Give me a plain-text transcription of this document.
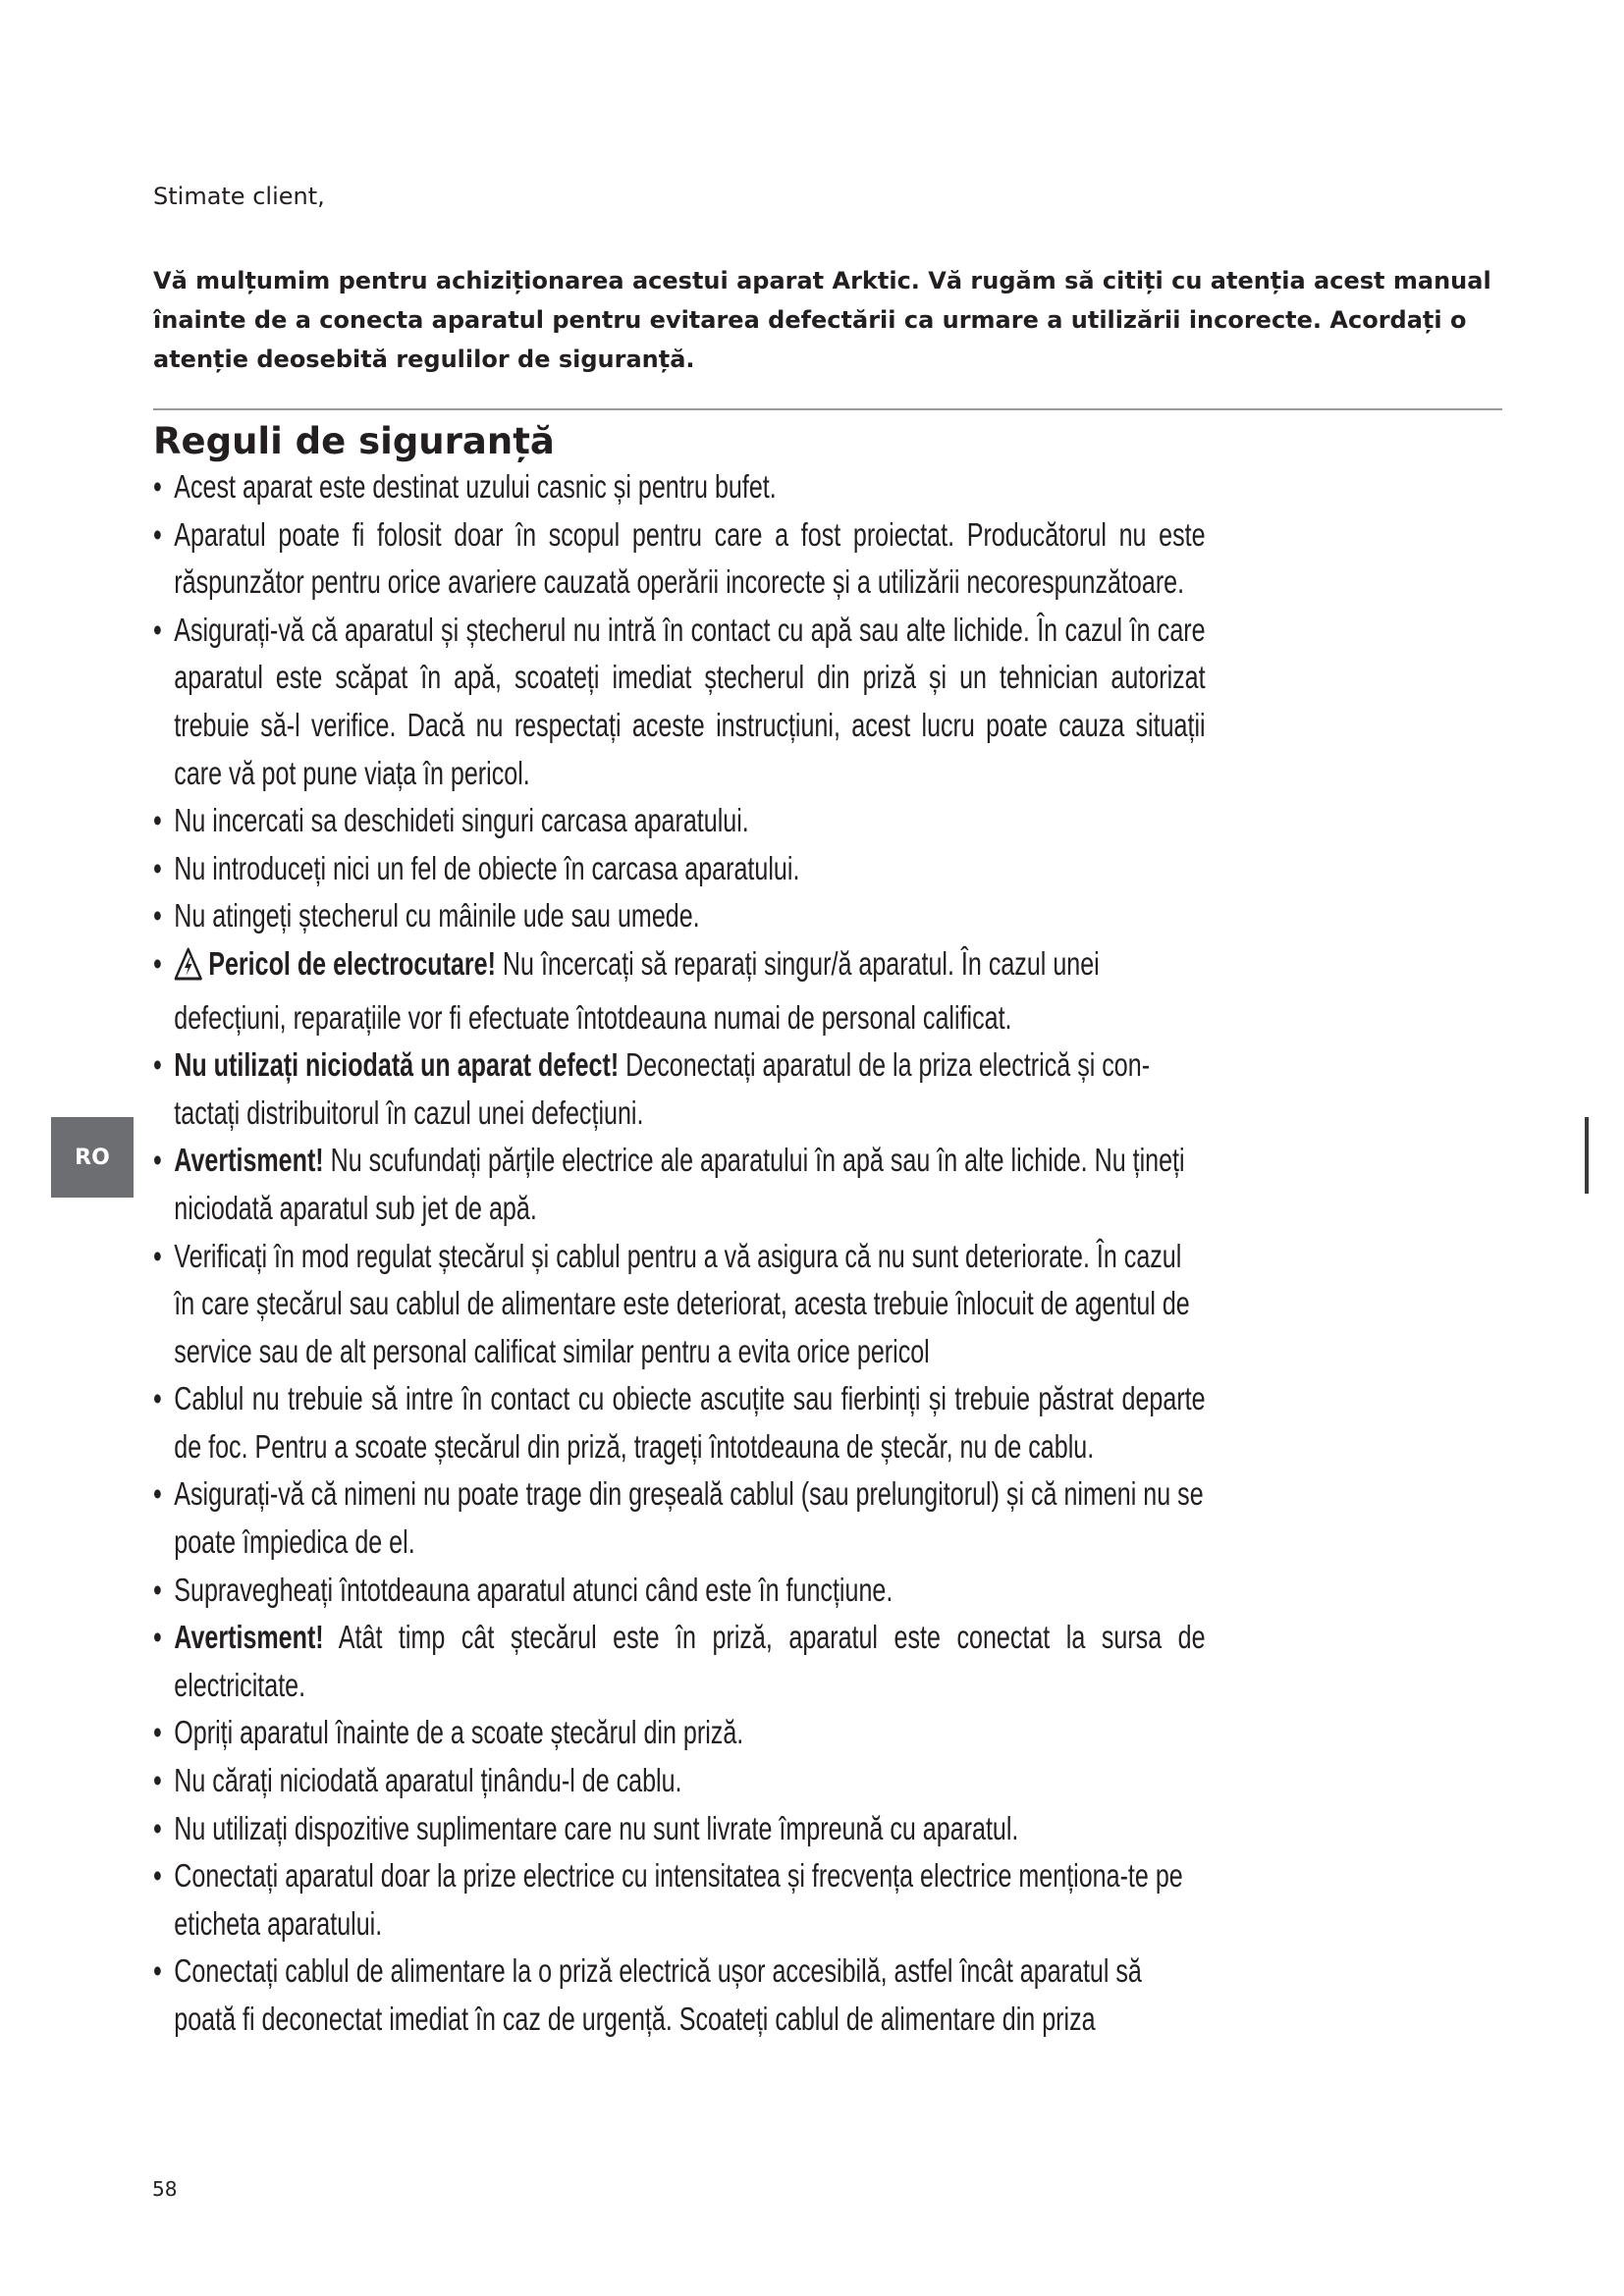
Stimate client,

Vă mulțumim pentru achiziționarea acestui aparat Arktic. Vă rugăm să citiți cu atenția acest manual înainte de a conecta aparatul pentru evitarea defectării ca urmare a utilizării incorecte. Acordați o atenție deosebită regulilor de siguranță.

Reguli de siguranță
• Acest aparat este destinat uzului casnic și pentru bufet.
• Aparatul poate fi folosit doar în scopul pentru care a fost proiectat. Producătorul nu este răspunzător pentru orice avariere cauzată operării incorecte și a utilizării necorespunzătoare.
• Asigurați-vă că aparatul și ștecherul nu intră în contact cu apă sau alte lichide. În cazul în care aparatul este scăpat în apă, scoateți imediat ștecherul din priză și un tehnician autorizat trebuie să-l verifice. Dacă nu respectați aceste instrucțiuni, acest lucru poate cauza situații care vă pot pune viața în pericol.
• Nu incercati sa deschideti singuri carcasa aparatului.
• Nu introduceți nici un fel de obiecte în carcasa aparatului.
• Nu atingeți ștecherul cu mâinile ude sau umede.
• Pericol de electrocutare! Nu încercați să reparați singur/ă aparatul. În cazul unei defecțiuni, reparațiile vor fi efectuate întotdeauna numai de personal calificat.
• Nu utilizați niciodată un aparat defect! Deconectați aparatul de la priza electrică și con-tactați distribuitorul în cazul unei defecțiuni.
• Avertisment! Nu scufundați părțile electrice ale aparatului în apă sau în alte lichide. Nu țineți niciodată aparatul sub jet de apă.
• Verificați în mod regulat ștecărul și cablul pentru a vă asigura că nu sunt deteriorate. În cazul în care ștecărul sau cablul de alimentare este deteriorat, acesta trebuie înlocuit de agentul de service sau de alt personal calificat similar pentru a evita orice pericol
• Cablul nu trebuie să intre în contact cu obiecte ascuțite sau fierbinți și trebuie păstrat departe de foc. Pentru a scoate ștecărul din priză, trageți întotdeauna de ștecăr, nu de cablu.
• Asigurați-vă că nimeni nu poate trage din greșeală cablul (sau prelungitorul) și că nimeni nu se poate împiedica de el.
• Supravegheați întotdeauna aparatul atunci când este în funcțiune.
• Avertisment! Atât timp cât ștecărul este în priză, aparatul este conectat la sursa de electricitate.
• Opriți aparatul înainte de a scoate ștecărul din priză.
• Nu cărați niciodată aparatul ținându-l de cablu.
• Nu utilizați dispozitive suplimentare care nu sunt livrate împreună cu aparatul.
• Conectați aparatul doar la prize electrice cu intensitatea și frecvența electrice menționa-te pe eticheta aparatului.
• Conectați cablul de alimentare la o priză electrică ușor accesibilă, astfel încât aparatul să poată fi deconectat imediat în caz de urgență. Scoateți cablul de alimentare din priza
RO
58
